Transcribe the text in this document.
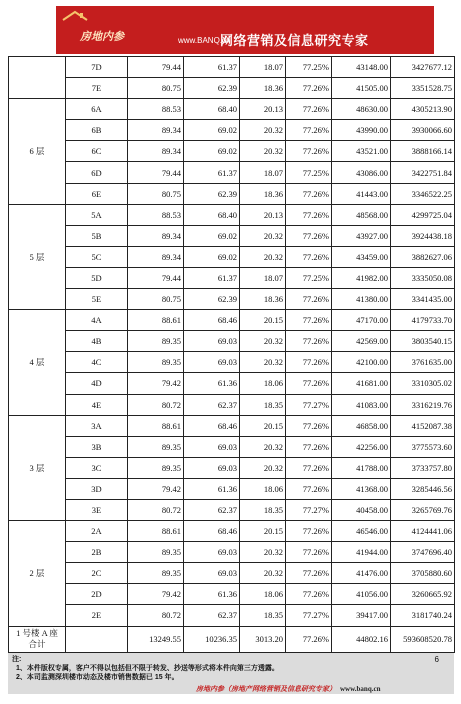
房地内参	www.BANQ.cn
网络营销及信息研究专家
	7D	79.44	61.37	18.07	77.25%	43148.00	3427677.12
	7E	80.75	62.39	18.36	77.26%	41505.00	3351528.75
6 层	6A	88.53	68.40	20.13	77.26%	48630.00	4305213.90
	6B	89.34	69.02	20.32	77.26%	43990.00	3930066.60
	6C	89.34	69.02	20.32	77.26%	43521.00	3888166.14
	6D	79.44	61.37	18.07	77.25%	43086.00	3422751.84
	6E	80.75	62.39	18.36	77.26%	41443.00	3346522.25
5 层	5A	88.53	68.40	20.13	77.26%	48568.00	4299725.04
	5B	89.34	69.02	20.32	77.26%	43927.00	3924438.18
	5C	89.34	69.02	20.32	77.26%	43459.00	3882627.06
	5D	79.44	61.37	18.07	77.25%	41982.00	3335050.08
	5E	80.75	62.39	18.36	77.26%	41380.00	3341435.00
4 层	4A	88.61	68.46	20.15	77.26%	47170.00	4179733.70
	4B	89.35	69.03	20.32	77.26%	42569.00	3803540.15
	4C	89.35	69.03	20.32	77.26%	42100.00	3761635.00
	4D	79.42	61.36	18.06	77.26%	41681.00	3310305.02
	4E	80.72	62.37	18.35	77.27%	41083.00	3316219.76
3 层	3A	88.61	68.46	20.15	77.26%	46858.00	4152087.38
	3B	89.35	69.03	20.32	77.26%	42256.00	3775573.60
	3C	89.35	69.03	20.32	77.26%	41788.00	3733757.80
	3D	79.42	61.36	18.06	77.26%	41368.00	3285446.56
	3E	80.72	62.37	18.35	77.27%	40458.00	3265769.76
2 层	2A	88.61	68.46	20.15	77.26%	46546.00	4124441.06
	2B	89.35	69.03	20.32	77.26%	41944.00	3747696.40
	2C	89.35	69.03	20.32	77.26%	41476.00	3705880.60
	2D	79.42	61.36	18.06	77.26%	41056.00	3260665.92
	2E	80.72	62.37	18.35	77.27%	39417.00	3181740.24

1 号楼 A 座
合计		13249.55	10236.35	3013.20	77.26%	44802.16	593608520.78
注:
1、本件版权专属，客户不得以包括但不限于转发、抄送等形式将本件向第三方透露。
2、本司监测深圳楼市动态及楼市销售数据已 15 年。
6
房地内参（房地产网络营销及信息研究专家） www.banq.cn
